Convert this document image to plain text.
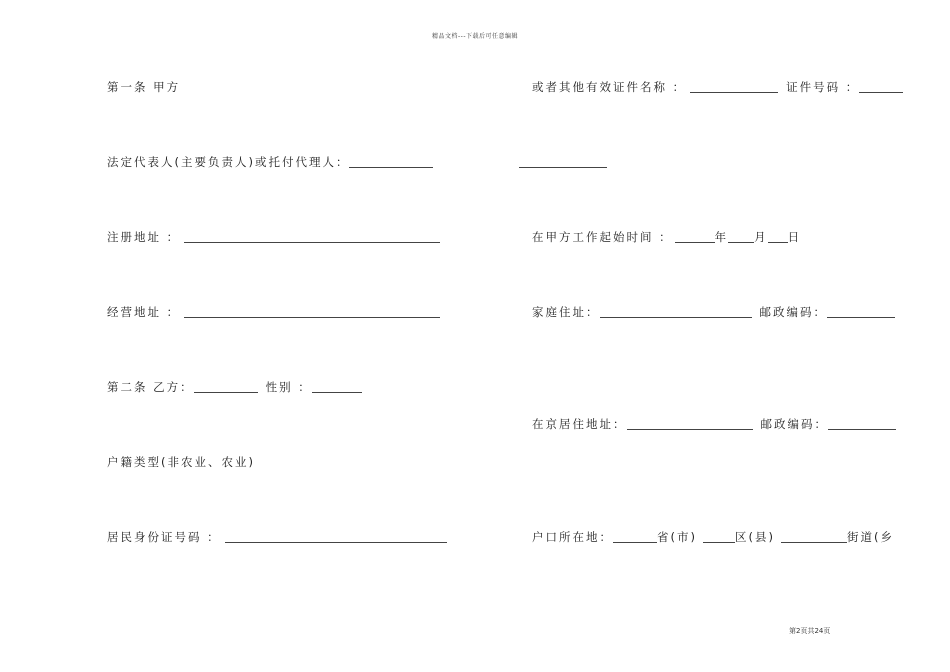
精品文档---下载后可任意编辑
第一条 甲方
法定代表人(主要负责人)或托付代理人：
注册地址 ：
经营地址 ：
第二条 乙方：	性别 ：
户籍类型(非农业、农业)
居民身份证号码 ：
或者其他有效证件名称 ：	证件号码 ：
在甲方工作起始时间 ：	年 月 日
家庭住址：	邮政编码：
在京居住地址：	邮政编码：
户口所在地：	省(市)	区(县)	街道(乡
第2页共24页
